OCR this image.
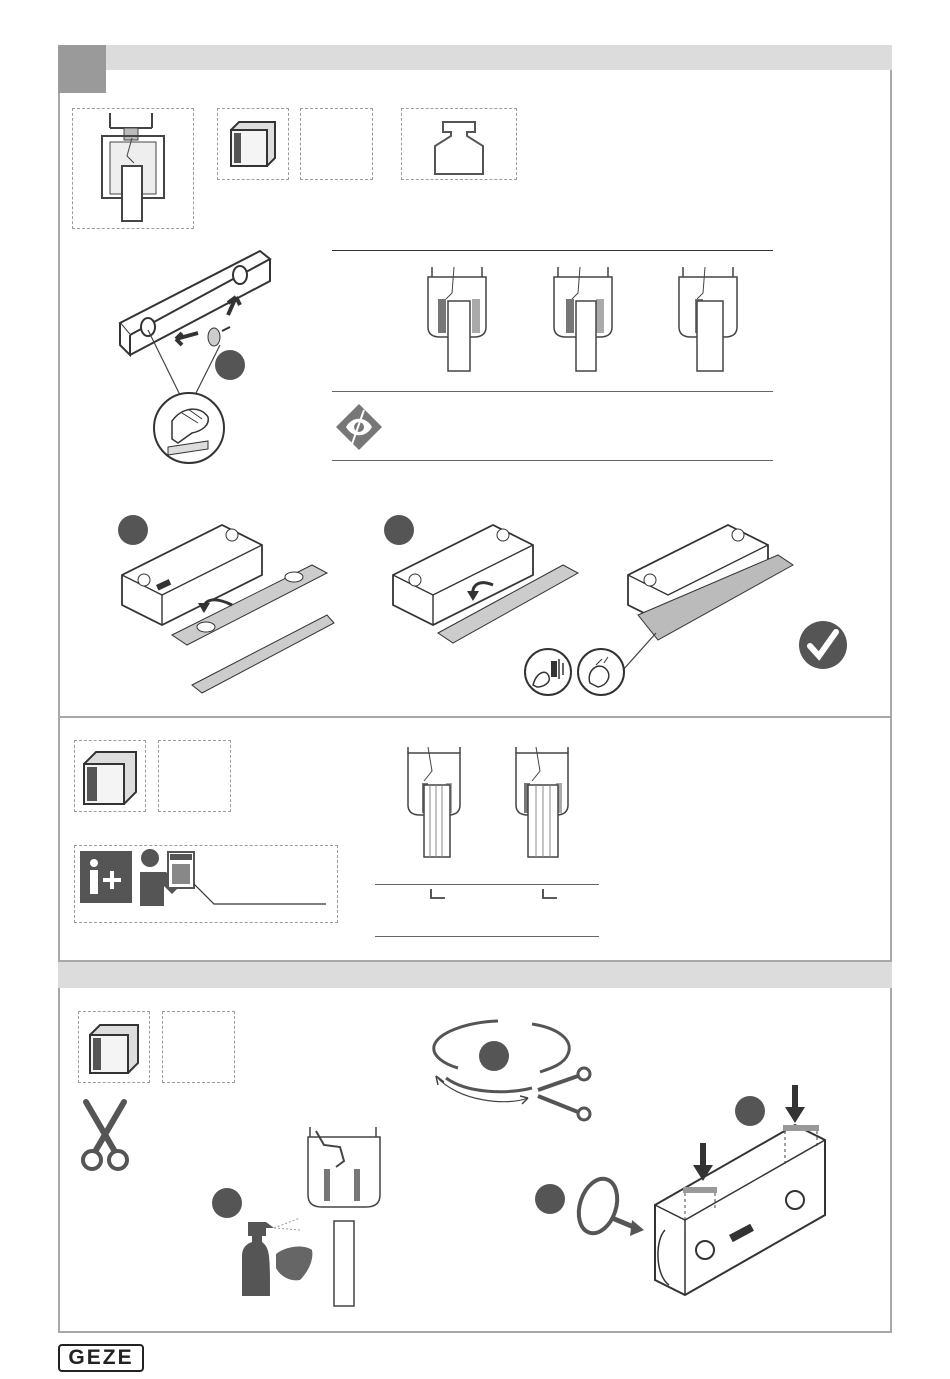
GEZE
